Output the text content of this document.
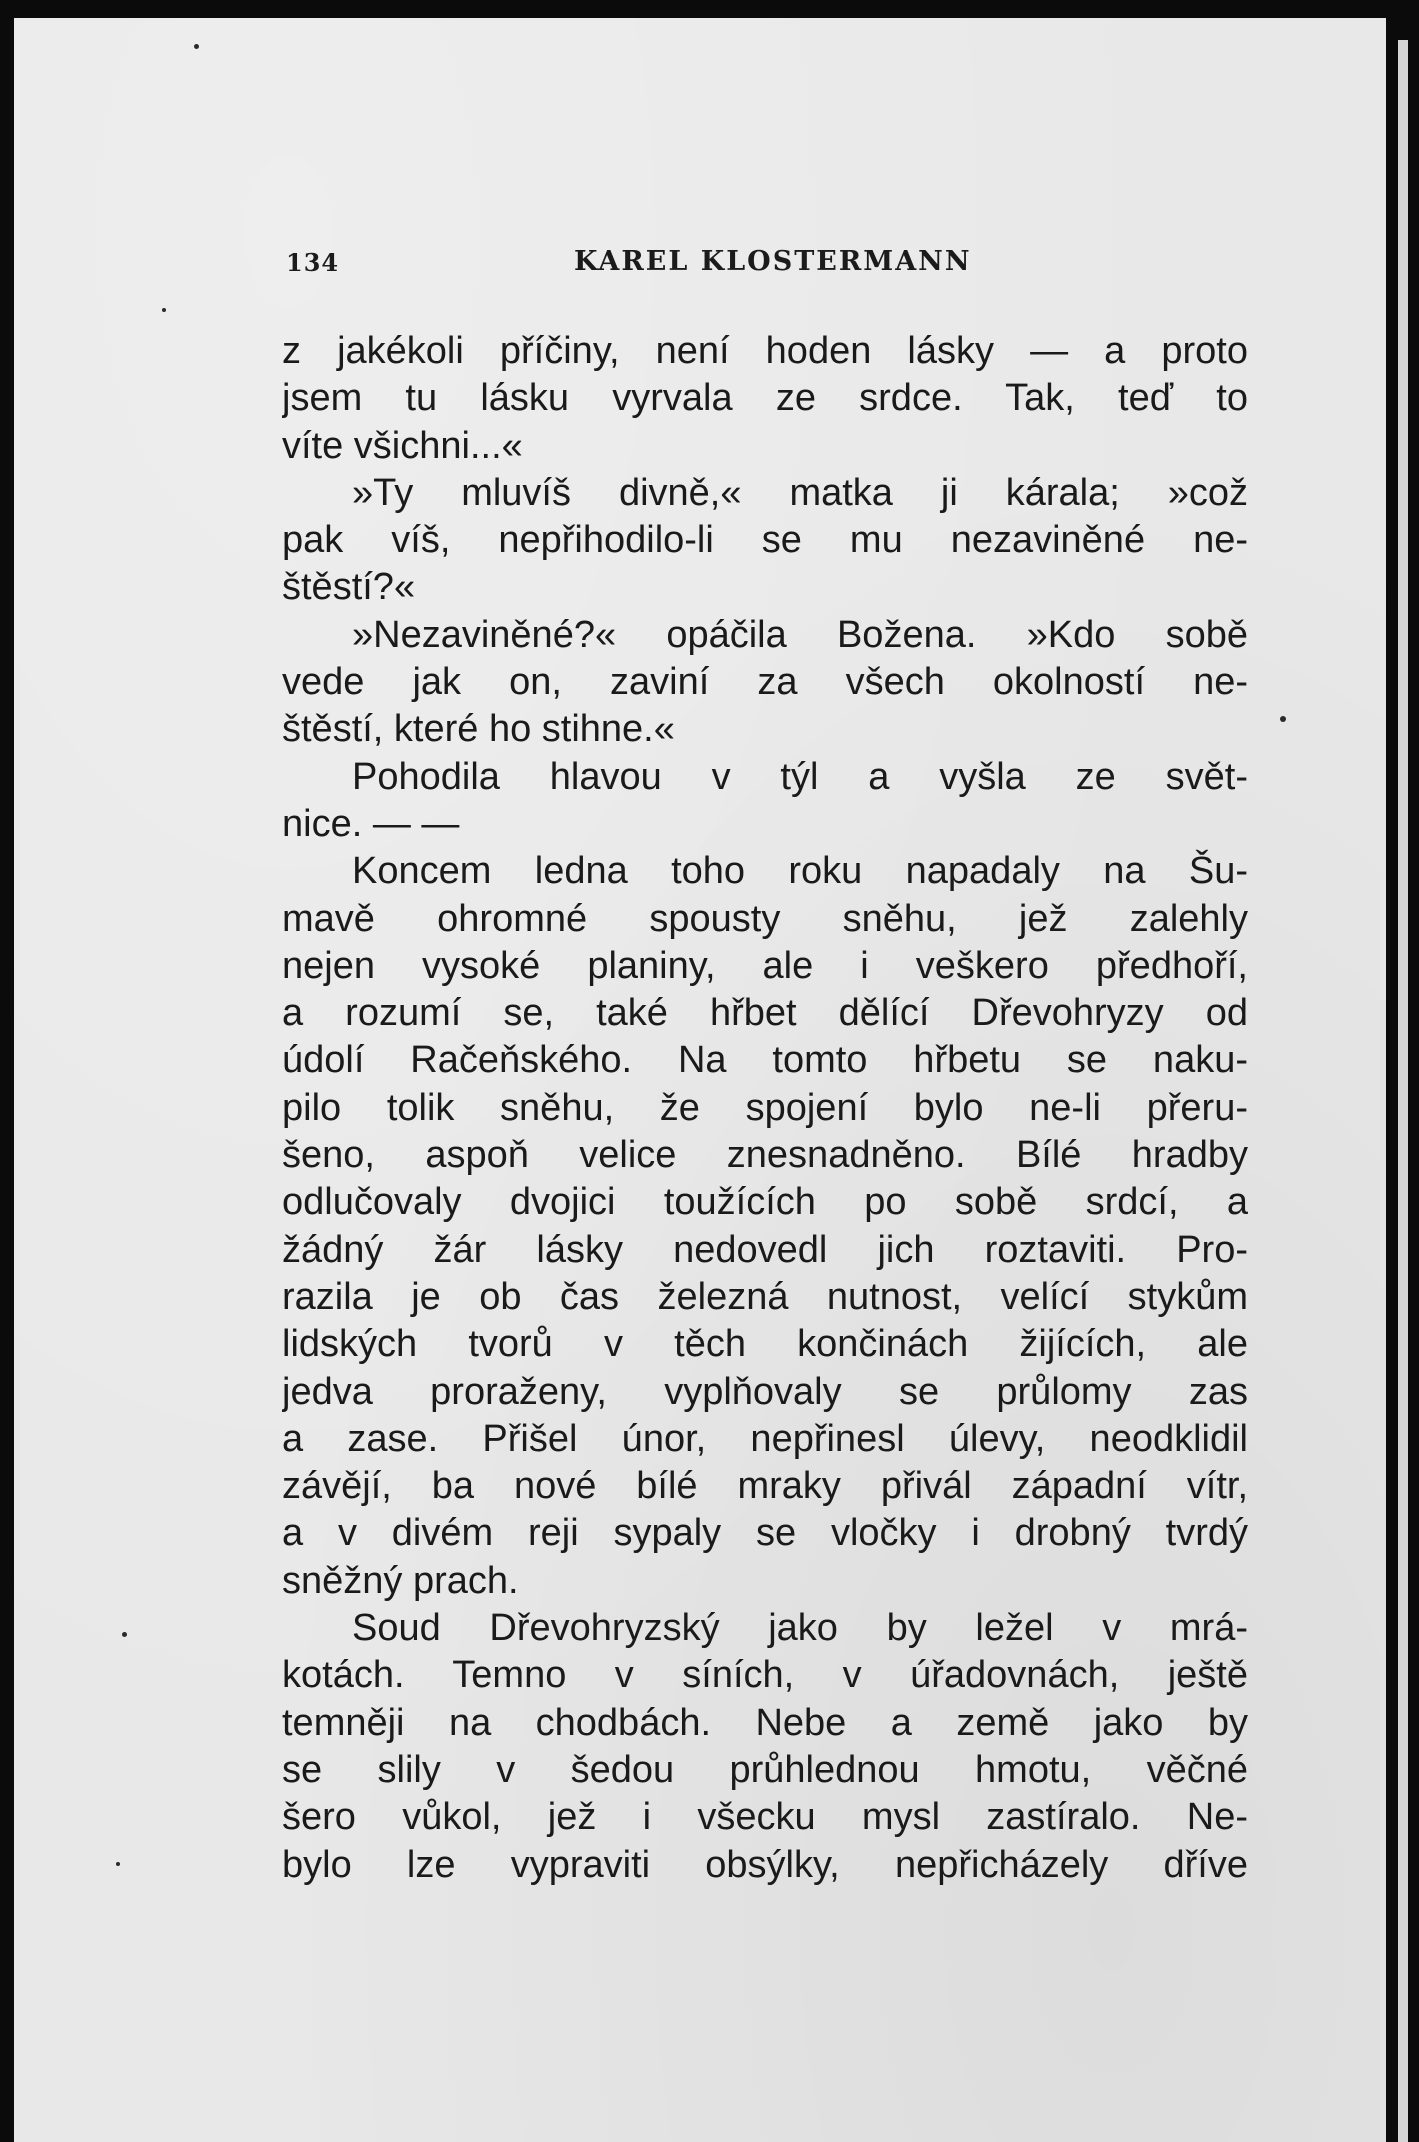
134	KAREL KLOSTERMANN
z jakékoli příčiny, není hoden lásky — a proto
jsem tu lásku vyrvala ze srdce. Tak, teď to
víte všichni...«
»Ty mluvíš divně,« matka ji kárala; »což
pak víš, nepřihodilo-li se mu nezaviněné ne-
štěstí?«
»Nezaviněné?« opáčila Božena. »Kdo sobě
vede jak on, zaviní za všech okolností ne-
štěstí, které ho stihne.«
Pohodila hlavou v týl a vyšla ze svět-
nice. — —
Koncem ledna toho roku napadaly na Šu-
mavě ohromné spousty sněhu, jež zalehly
nejen vysoké planiny, ale i veškero předhoří,
a rozumí se, také hřbet dělící Dřevohryzy od
údolí Račeňského. Na tomto hřbetu se naku-
pilo tolik sněhu, že spojení bylo ne-li přeru-
šeno, aspoň velice znesnadněno. Bílé hradby
odlučovaly dvojici toužících po sobě srdcí, a
žádný žár lásky nedovedl jich roztaviti. Pro-
razila je ob čas železná nutnost, velící stykům
lidských tvorů v těch končinách žijících, ale
jedva proraženy, vyplňovaly se průlomy zas
a zase. Přišel únor, nepřinesl úlevy, neodklidil
závějí, ba nové bílé mraky přivál západní vítr,
a v divém reji sypaly se vločky i drobný tvrdý
sněžný prach.
Soud Dřevohryzský jako by ležel v mrá-
kotách. Temno v síních, v úřadovnách, ještě
temněji na chodbách. Nebe a země jako by
se slily v šedou průhlednou hmotu, věčné
šero vůkol, jež i všecku mysl zastíralo. Ne-
bylo lze vypraviti obsýlky, nepřicházely dříve
